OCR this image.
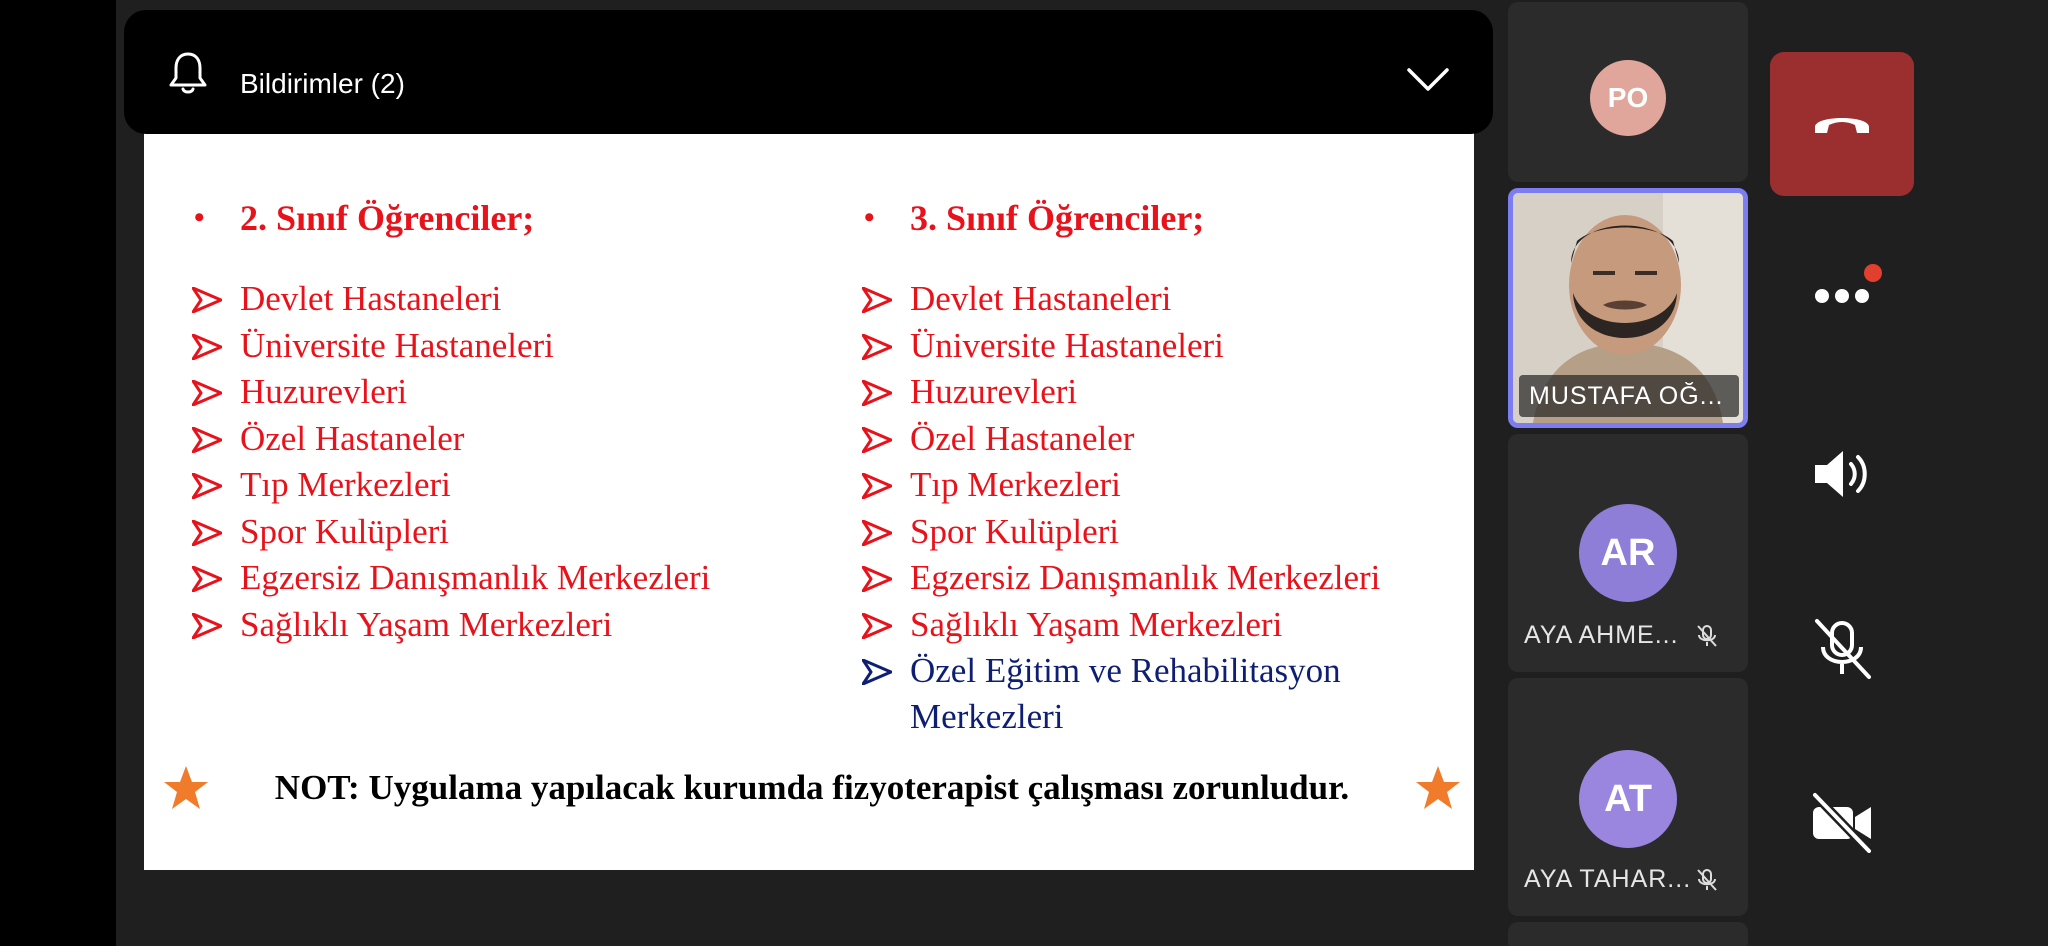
• 2. Sınıf Öğrenciler;
Devlet Hastaneleri
Üniversite Hastaneleri
Huzurevleri
Özel Hastaneler
Tıp Merkezleri
Spor Kulüpleri
Egzersiz Danışmanlık Merkezleri
Sağlıklı Yaşam Merkezleri
• 3. Sınıf Öğrenciler;
Devlet Hastaneleri
Üniversite Hastaneleri
Huzurevleri
Özel Hastaneler
Tıp Merkezleri
Spor Kulüpleri
Egzersiz Danışmanlık Merkezleri
Sağlıklı Yaşam Merkezleri
Özel Eğitim ve Rehabilitasyon Merkezleri
NOT: Uygulama yapılacak kurumda fizyoterapist çalışması zorunludur.
Bildirimler (2)	PO
MUSTAFA OĞ...
AR
AYA AHME...
AT
AYA TAHAR...
